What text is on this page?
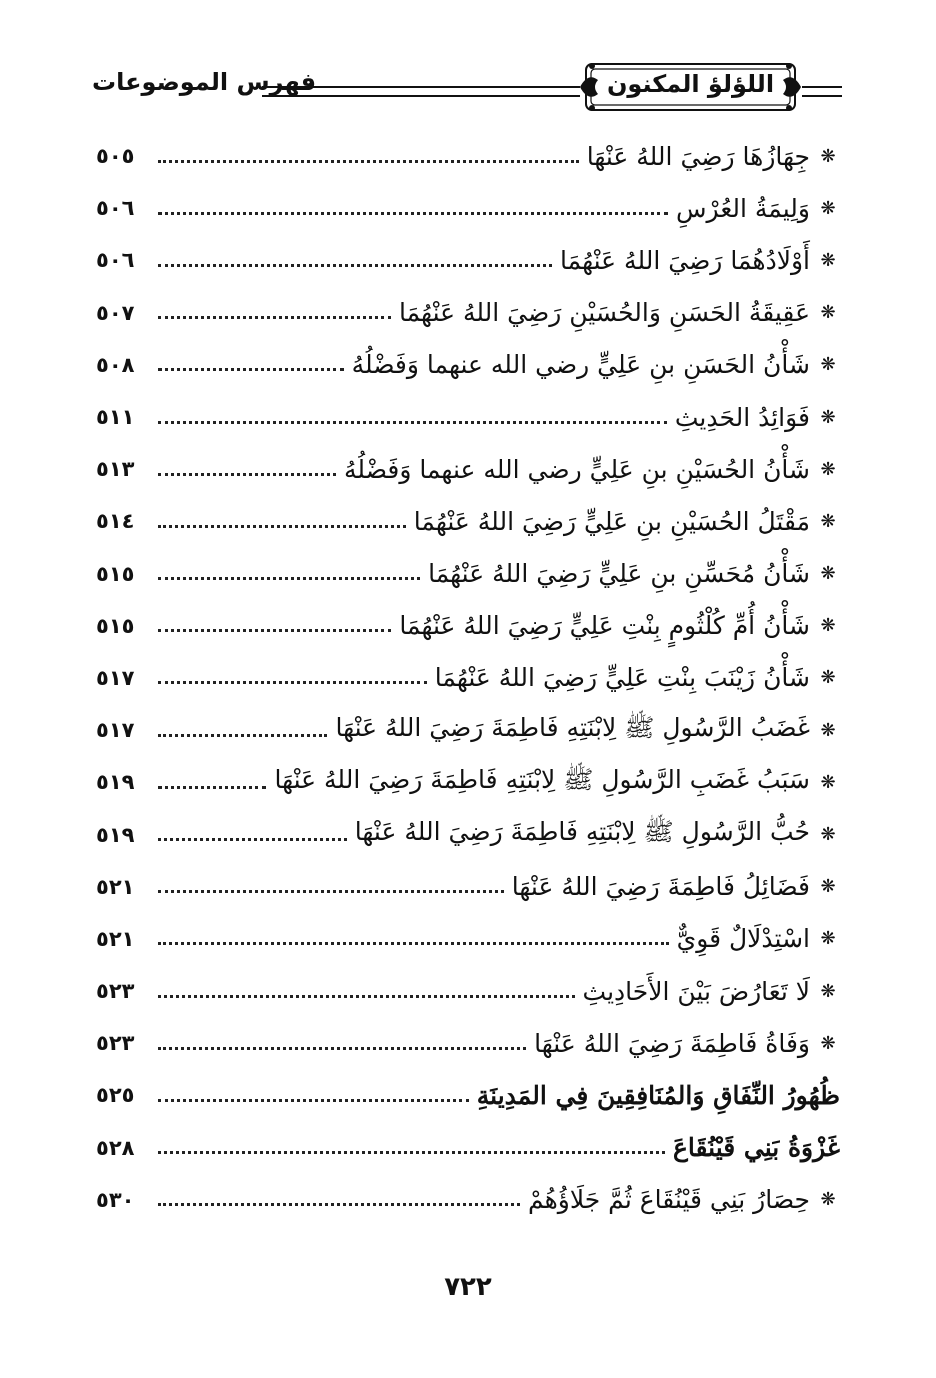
فهرس الموضوعات	اللؤلؤ المكنون
❋
جِهَازُهَا رَضِيَ اللهُ عَنْهَا
٥٠٥
❋
وَلِيمَةُ العُرْسِ
٥٠٦
❋
أَوْلَادُهُمَا رَضِيَ اللهُ عَنْهُمَا
٥٠٦
❋
عَقِيقَةُ الحَسَنِ وَالحُسَيْنِ رَضِيَ اللهُ عَنْهُمَا
٥٠٧
❋
شَأْنُ الحَسَنِ بنِ عَلِيٍّ رضي الله عنهما وَفَضْلُهُ
٥٠٨
❋
فَوَائِدُ الحَدِيثِ
٥١١
❋
شَأْنُ الحُسَيْنِ بنِ عَلِيٍّ رضي الله عنهما وَفَضْلُهُ
٥١٣
❋
مَقْتَلُ الحُسَيْنِ بنِ عَلِيٍّ رَضِيَ اللهُ عَنْهُمَا
٥١٤
❋
شَأْنُ مُحَسِّنِ بنِ عَلِيٍّ رَضِيَ اللهُ عَنْهُمَا
٥١٥
❋
شَأْنُ أُمِّ كُلْثُومٍ بِنْتِ عَلِيٍّ رَضِيَ اللهُ عَنْهُمَا
٥١٥
❋
شَأْنُ زَيْنَبَ بِنْتِ عَلِيٍّ رَضِيَ اللهُ عَنْهُمَا
٥١٧
❋
غَضَبُ الرَّسُولِ ﷺ لِابْنَتِهِ فَاطِمَةَ رَضِيَ اللهُ عَنْهَا
٥١٧
❋
سَبَبُ غَضَبِ الرَّسُولِ ﷺ لِابْنَتِهِ فَاطِمَةَ رَضِيَ اللهُ عَنْهَا
٥١٩
❋
حُبُّ الرَّسُولِ ﷺ لِابْنَتِهِ فَاطِمَةَ رَضِيَ اللهُ عَنْهَا
٥١٩
❋
فَضَائِلُ فَاطِمَةَ رَضِيَ اللهُ عَنْهَا
٥٢١
❋
اسْتِدْلَالٌ قَوِيٌّ
٥٢١
❋
لَا تَعَارُضَ بَيْنَ الأَحَادِيثِ
٥٢٣
❋
وَفَاةُ فَاطِمَةَ رَضِيَ اللهُ عَنْهَا
٥٢٣
ظُهُورُ النِّفَاقِ وَالمُنَافِقِينَ فِي المَدِينَةِ
٥٢٥
غَزْوَةُ بَنِي قَيْنُقَاعَ
٥٢٨
❋
حِصَارُ بَنِي قَيْنُقَاعَ ثُمَّ جَلَاؤُهُمْ
٥٣٠
٧٢٢
